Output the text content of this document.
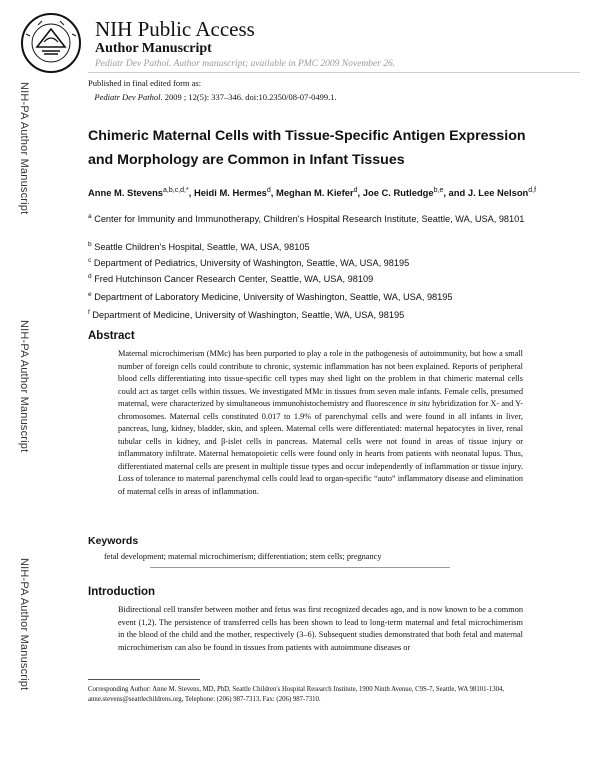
NIH Public Access
Author Manuscript
Pediatr Dev Pathol. Author manuscript; available in PMC 2009 November 26.
Published in final edited form as:
Pediatr Dev Pathol. 2009 ; 12(5): 337–346. doi:10.2350/08-07-0499.1.
NIH-PA Author Manuscript
NIH-PA Author Manuscript
NIH-PA Author Manuscript
Chimeric Maternal Cells with Tissue-Specific Antigen Expression and Morphology are Common in Infant Tissues
Anne M. Stevens$^{a,b,c,d,*}$, Heidi M. Hermes$^d$, Meghan M. Kiefer$^d$, Joe C. Rutledge$^{b,e}$, and J. Lee Nelson$^{d,f}$
$^a$ Center for Immunity and Immunotherapy, Children's Hospital Research Institute, Seattle, WA, USA, 98101
$^b$ Seattle Children's Hospital, Seattle, WA, USA, 98105
$^c$ Department of Pediatrics, University of Washington, Seattle, WA, USA, 98195
$^d$ Fred Hutchinson Cancer Research Center, Seattle, WA, USA, 98109
$^e$ Department of Laboratory Medicine, University of Washington, Seattle, WA, USA, 98195
$^f$ Department of Medicine, University of Washington, Seattle, WA, USA, 98195
Abstract
Maternal microchimerism (MMc) has been purported to play a role in the pathogenesis of autoimmunity, but how a small number of foreign cells could contribute to chronic, systemic inflammation has not been explained. Reports of peripheral blood cells differentiating into tissue-specific cell types may shed light on the problem in that chimeric maternal cells could act as target cells within tissues. We investigated MMc in tissues from seven male infants. Female cells, presumed maternal, were characterized by simultaneous immunohistochemistry and fluorescence in situ hybridization for X- and Y-chromosomes. Maternal cells constituted 0.017 to 1.9% of parenchymal cells and were found in all infants in liver, pancreas, lung, kidney, bladder, skin, and spleen. Maternal cells were differentiated: maternal hepatocytes in liver, renal tubular cells in kidney, and β-islet cells in pancreas. Maternal cells were not found in areas of tissue injury or inflammatory infiltrate. Maternal hematopoietic cells were found only in hearts from patients with neonatal lupus. Thus, differentiated maternal cells are present in multiple tissue types and occur independently of inflammation or tissue injury. Loss of tolerance to maternal parenchymal cells could lead to organ-specific “auto” inflammatory disease and elimination of maternal cells in areas of inflammation.
Keywords
fetal development; maternal microchimerism; differentiation; stem cells; pregnancy
Introduction
Bidirectional cell transfer between mother and fetus was first recognized decades ago, and is now known to be a common event (1,2). The persistence of transferred cells has been shown to lead to long-term maternal and fetal microchimerism in the blood of the child and the mother, respectively (3–6). Subsequent studies demonstrated that both fetal and maternal microchimerism can also be found in tissues from patients with autoimmune diseases or
Corresponding Author: Anne M. Stevens, MD, PhD, Seattle Children's Hospital Research Institute, 1900 Ninth Avenue, C9S-7, Seattle, WA 98101-1304, anne.stevens@seattlechildrens.org, Telephone: (206) 987-7313, Fax: (206) 987-7310.
